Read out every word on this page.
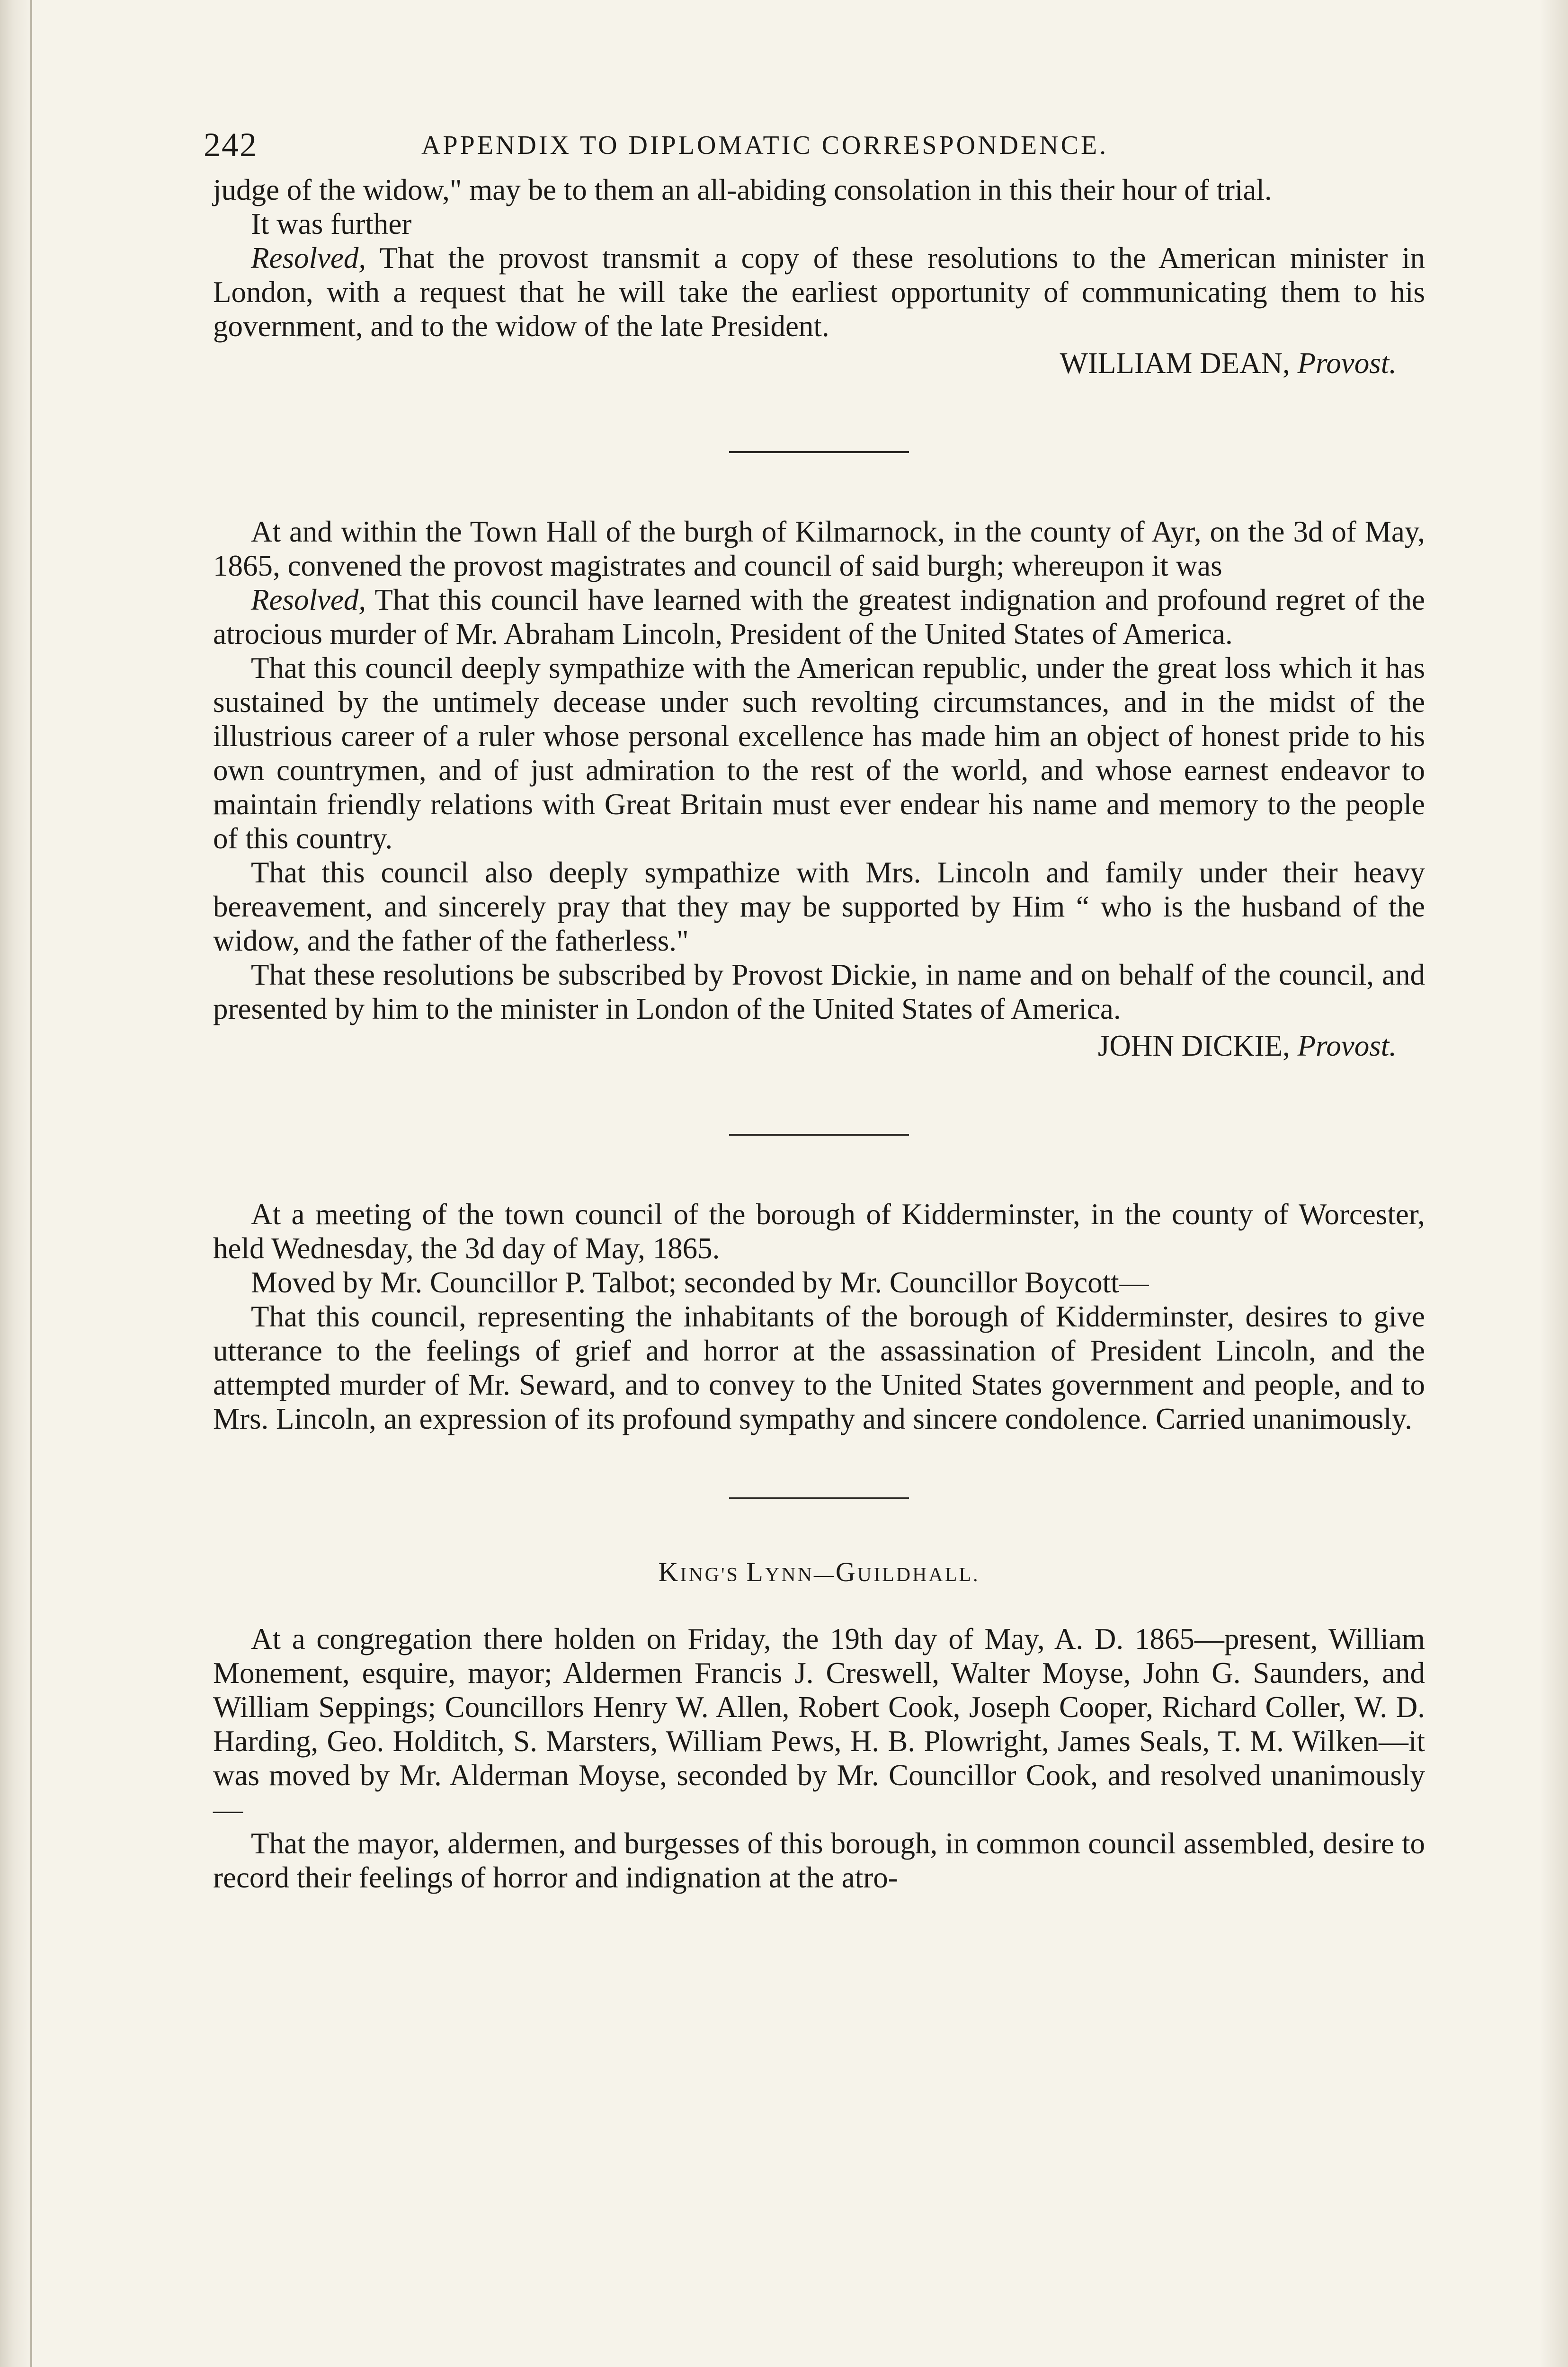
242	APPENDIX TO DIPLOMATIC CORRESPONDENCE.

judge of the widow," may be to them an all-abiding consolation in this their hour of trial.

It was further

Resolved, That the provost transmit a copy of these resolutions to the American minister in London, with a request that he will take the earliest opportunity of communicating them to his government, and to the widow of the late President.

WILLIAM DEAN, Provost.

At and within the Town Hall of the burgh of Kilmarnock, in the county of Ayr, on the 3d of May, 1865, convened the provost magistrates and council of said burgh; whereupon it was

Resolved, That this council have learned with the greatest indignation and profound regret of the atrocious murder of Mr. Abraham Lincoln, President of the United States of America.

That this council deeply sympathize with the American republic, under the great loss which it has sustained by the untimely decease under such revolting circumstances, and in the midst of the illustrious career of a ruler whose personal excellence has made him an object of honest pride to his own countrymen, and of just admiration to the rest of the world, and whose earnest endeavor to maintain friendly relations with Great Britain must ever endear his name and memory to the people of this country.

That this council also deeply sympathize with Mrs. Lincoln and family under their heavy bereavement, and sincerely pray that they may be supported by Him “ who is the husband of the widow, and the father of the fatherless."

That these resolutions be subscribed by Provost Dickie, in name and on behalf of the council, and presented by him to the minister in London of the United States of America.

JOHN DICKIE, Provost.

At a meeting of the town council of the borough of Kidderminster, in the county of Worcester, held Wednesday, the 3d day of May, 1865.

Moved by Mr. Councillor P. Talbot; seconded by Mr. Councillor Boycott—

That this council, representing the inhabitants of the borough of Kidderminster, desires to give utterance to the feelings of grief and horror at the assassination of President Lincoln, and the attempted murder of Mr. Seward, and to convey to the United States government and people, and to Mrs. Lincoln, an expression of its profound sympathy and sincere condolence. Carried unanimously.

KING'S LYNN—GUILDHALL.

At a congregation there holden on Friday, the 19th day of May, A. D. 1865—present, William Monement, esquire, mayor; Aldermen Francis J. Creswell, Walter Moyse, John G. Saunders, and William Seppings; Councillors Henry W. Allen, Robert Cook, Joseph Cooper, Richard Coller, W. D. Harding, Geo. Holditch, S. Marsters, William Pews, H. B. Plowright, James Seals, T. M. Wilken—it was moved by Mr. Alderman Moyse, seconded by Mr. Councillor Cook, and resolved unanimously—

That the mayor, aldermen, and burgesses of this borough, in common council assembled, desire to record their feelings of horror and indignation at the atro-
